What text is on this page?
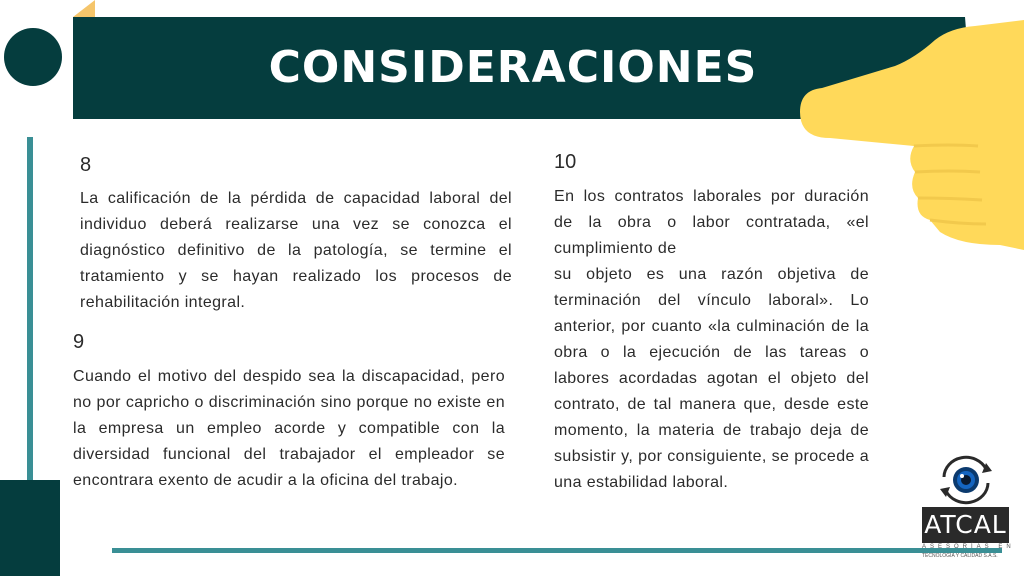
CONSIDERACIONES
8

La calificación de la pérdida de capacidad laboral del individuo deberá realizarse una vez se conozca el diagnóstico definitivo de la patología, se termine el tratamiento y se hayan realizado los procesos de rehabilitación integral.

9

Cuando el motivo del despido sea la discapacidad, pero no por capricho o discriminación sino porque no existe en la empresa un empleo acorde y compatible con la diversidad funcional del trabajador el empleador se encontrara exento de acudir a la oficina del trabajo.

10

En los contratos laborales por duración de la obra o labor contratada, «el cumplimiento de

su objeto es una razón objetiva de terminación del vínculo laboral». Lo anterior, por cuanto «la culminación de la obra o la ejecución de las tareas o labores acordadas agotan el objeto del contrato, de tal manera que, desde este momento, la materia de trabajo deja de subsistir y, por consiguiente, se procede a una estabilidad laboral.

ATCAL
ASESORÍAS EN
TECNOLOGÍA Y CALIDAD S.A.S.
